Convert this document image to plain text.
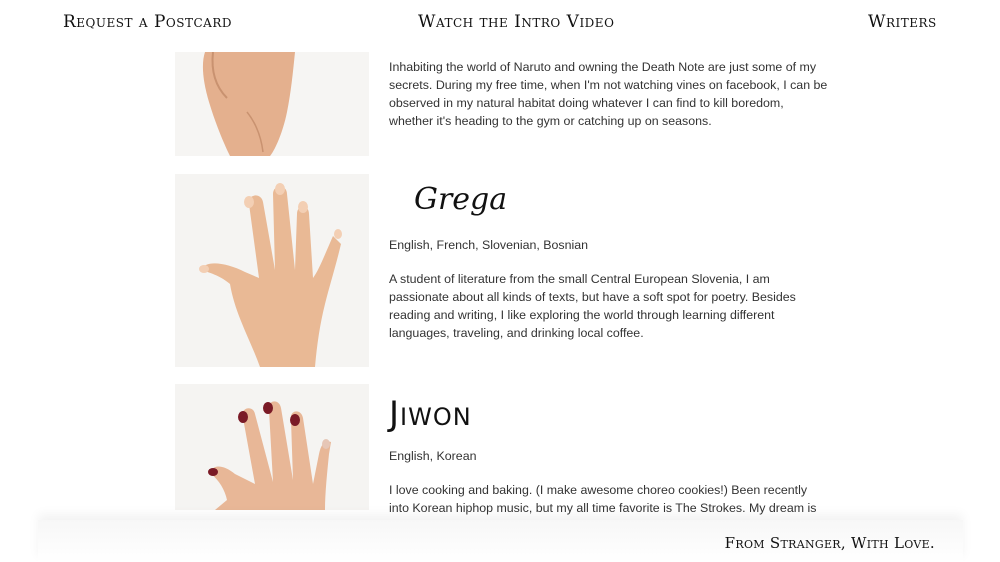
Inhabiting the world of Naruto and owning the Death Note are just some of my secrets. During my free time, when I'm not watching vines on facebook, I can be observed in my natural habitat doing whatever I can find to kill boredom, whether it's heading to the gym or catching up on seasons.
Grega
English, French, Slovenian, Bosnian
A student of literature from the small Central European Slovenia, I am passionate about all kinds of texts, but have a soft spot for poetry. Besides reading and writing, I like exploring the world through learning different languages, traveling, and drinking local coffee.
Jiwon
English, Korean
I love cooking and baking. (I make awesome choreo cookies!) Been recently into Korean hiphop music, but my all time favorite is The Strokes. My dream is
Request a Postcard	Watch the Intro Video	Writers
From Stranger, With Love.
